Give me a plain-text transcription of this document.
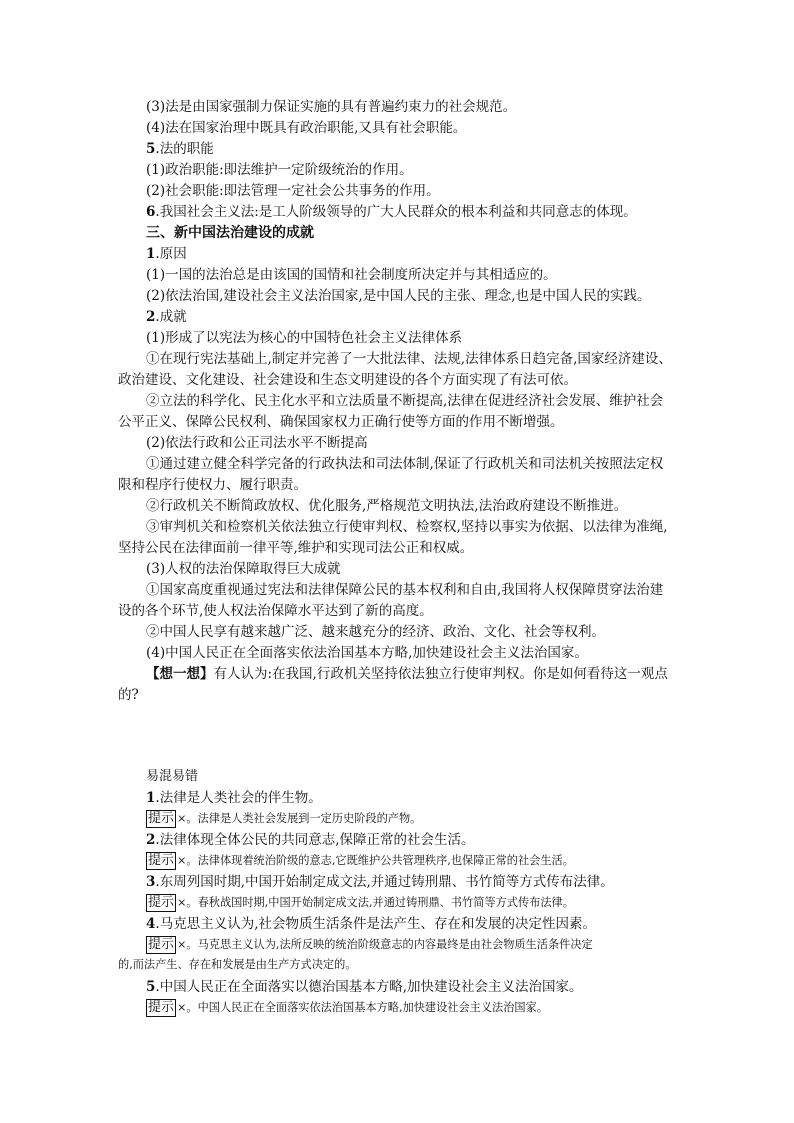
(3)法是由国家强制力保证实施的具有普遍约束力的社会规范。
(4)法在国家治理中既具有政治职能,又具有社会职能。
5.法的职能
(1)政治职能:即法维护一定阶级统治的作用。
(2)社会职能:即法管理一定社会公共事务的作用。
6.我国社会主义法:是工人阶级领导的广大人民群众的根本利益和共同意志的体现。
三、新中国法治建设的成就
1.原因
(1)一国的法治总是由该国的国情和社会制度所决定并与其相适应的。
(2)依法治国,建设社会主义法治国家,是中国人民的主张、理念,也是中国人民的实践。
2.成就
(1)形成了以宪法为核心的中国特色社会主义法律体系
①在现行宪法基础上,制定并完善了一大批法律、法规,法律体系日趋完备,国家经济建设、
政治建设、文化建设、社会建设和生态文明建设的各个方面实现了有法可依。
②立法的科学化、民主化水平和立法质量不断提高,法律在促进经济社会发展、维护社会
公平正义、保障公民权利、确保国家权力正确行使等方面的作用不断增强。
(2)依法行政和公正司法水平不断提高
①通过建立健全科学完备的行政执法和司法体制,保证了行政机关和司法机关按照法定权
限和程序行使权力、履行职责。
②行政机关不断简政放权、优化服务,严格规范文明执法,法治政府建设不断推进。
③审判机关和检察机关依法独立行使审判权、检察权,坚持以事实为依据、以法律为准绳,
坚持公民在法律面前一律平等,维护和实现司法公正和权威。
(3)人权的法治保障取得巨大成就
①国家高度重视通过宪法和法律保障公民的基本权利和自由,我国将人权保障贯穿法治建
设的各个环节,使人权法治保障水平达到了新的高度。
②中国人民享有越来越广泛、越来越充分的经济、政治、文化、社会等权利。
(4)中国人民正在全面落实依法治国基本方略,加快建设社会主义法治国家。
【想一想】有人认为:在我国,行政机关坚持依法独立行使审判权。你是如何看待这一观点
的?
易混易错
1.法律是人类社会的伴生物。
提示 ×。法律是人类社会发展到一定历史阶段的产物。
2.法律体现全体公民的共同意志,保障正常的社会生活。
提示 ×。法律体现着统治阶级的意志,它既维护公共管理秩序,也保障正常的社会生活。
3.东周列国时期,中国开始制定成文法,并通过铸刑鼎、书竹简等方式传布法律。
提示 ×。春秋战国时期,中国开始制定成文法,并通过铸刑鼎、书竹简等方式传布法律。
4.马克思主义认为,社会物质生活条件是法产生、存在和发展的决定性因素。
提示 ×。马克思主义认为,法所反映的统治阶级意志的内容最终是由社会物质生活条件决定
的,而法产生、存在和发展是由生产方式决定的。
5.中国人民正在全面落实以德治国基本方略,加快建设社会主义法治国家。
提示 ×。中国人民正在全面落实依法治国基本方略,加快建设社会主义法治国家。
